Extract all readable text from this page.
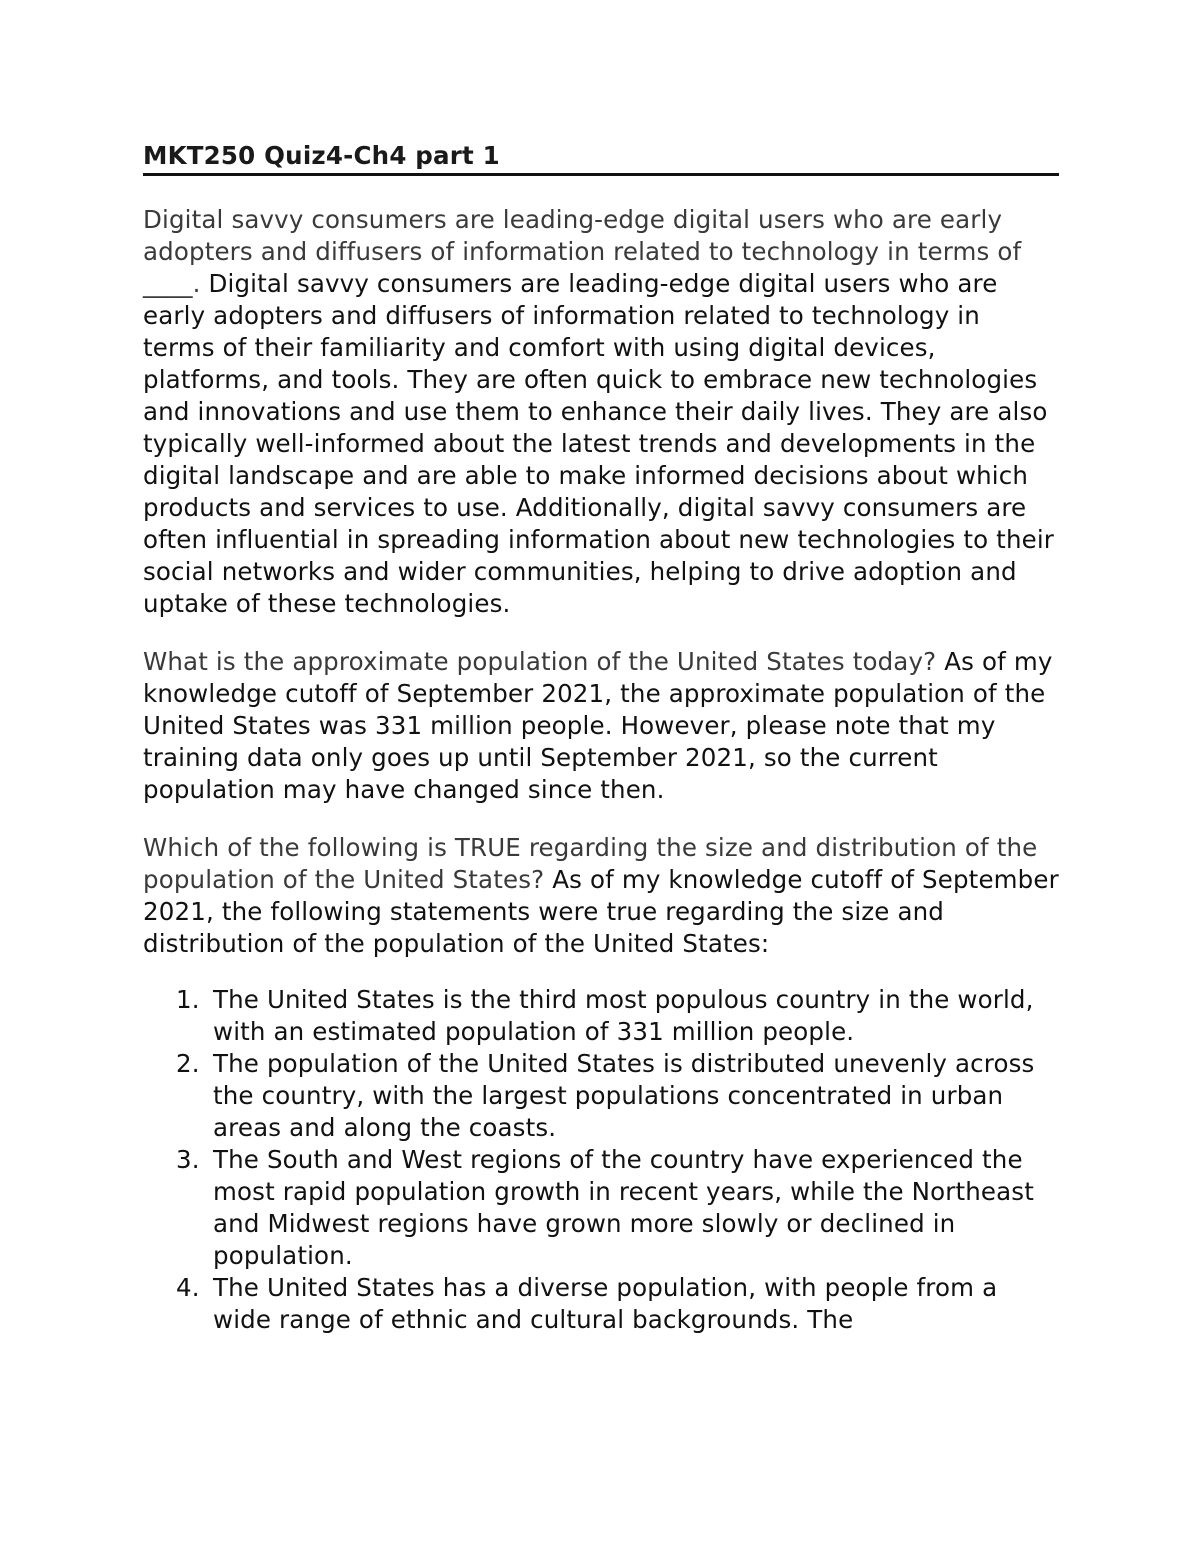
MKT250 Quiz4-Ch4 part 1

Digital savvy consumers are leading-edge digital users who are early adopters and diffusers of information related to technology in terms of ____. Digital savvy consumers are leading-edge digital users who are early adopters and diffusers of information related to technology in terms of their familiarity and comfort with using digital devices, platforms, and tools. They are often quick to embrace new technologies and innovations and use them to enhance their daily lives. They are also typically well-informed about the latest trends and developments in the digital landscape and are able to make informed decisions about which products and services to use. Additionally, digital savvy consumers are often influential in spreading information about new technologies to their social networks and wider communities, helping to drive adoption and uptake of these technologies.

What is the approximate population of the United States today? As of my knowledge cutoff of September 2021, the approximate population of the United States was 331 million people. However, please note that my training data only goes up until September 2021, so the current population may have changed since then.

Which of the following is TRUE regarding the size and distribution of the population of the United States? As of my knowledge cutoff of September 2021, the following statements were true regarding the size and distribution of the population of the United States:

1. The United States is the third most populous country in the world, with an estimated population of 331 million people.
2. The population of the United States is distributed unevenly across the country, with the largest populations concentrated in urban areas and along the coasts.
3. The South and West regions of the country have experienced the most rapid population growth in recent years, while the Northeast and Midwest regions have grown more slowly or declined in population.
4. The United States has a diverse population, with people from a wide range of ethnic and cultural backgrounds. The
